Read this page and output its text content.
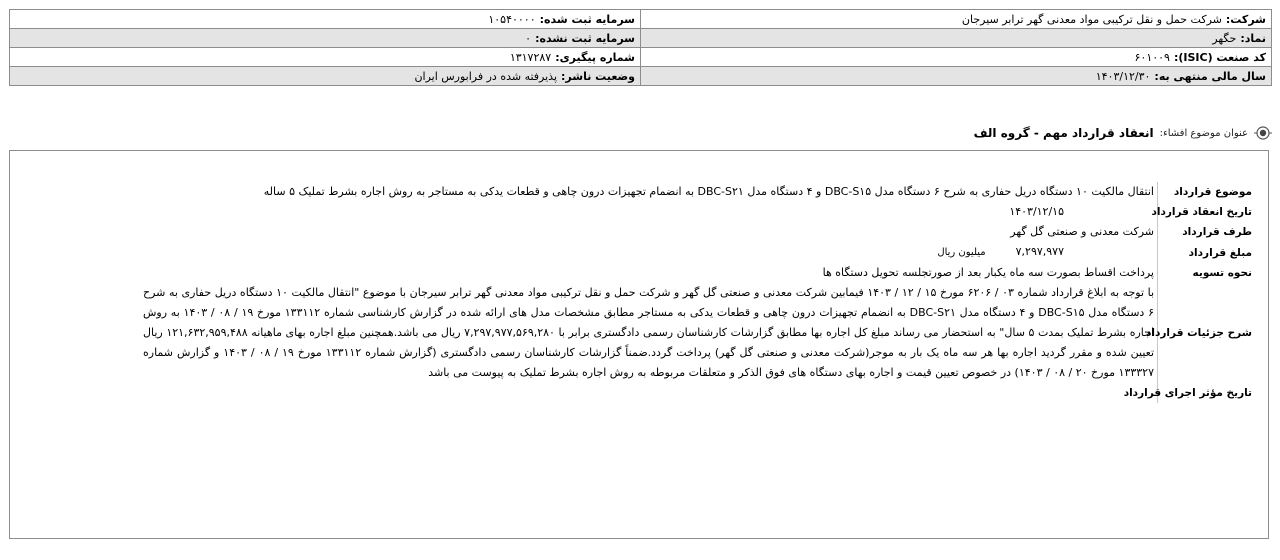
شرکت:شرکت حمل و نقل ترکیبی مواد معدنی گهر ترابر سیرجان	سرمایه ثبت شده:۱۰۵۴۰۰۰۰
نماد:حگهر	سرمایه ثبت نشده:۰
کد صنعت (ISIC):۶۰۱۰۰۹	شماره پیگیری:۱۳۱۷۲۸۷
سال مالی منتهی به:۱۴۰۳/۱۲/۳۰	وضعیت ناشر:پذیرفته شده در فرابورس ایران
عنوان موضوع افشاء:
انعقاد قرارداد مهم - گروه الف
موضوع قرارداد
انتقال مالکیت ۱۰ دستگاه دریل حفاری به شرح ۶ دستگاه مدل DBC-S۱۵ و ۴ دستگاه مدل DBC-S۲۱ به انضمام تجهیزات درون چاهی و قطعات یدکی به مستاجر به روش اجاره بشرط تملیک ۵ ساله
تاریخ انعقاد قرارداد
۱۴۰۳/۱۲/۱۵
طرف قرارداد
شرکت معدنی و صنعتی گل گهر
مبلغ قرارداد
۷,۲۹۷,۹۷۷میلیون ریال
نحوه تسویه
پرداخت اقساط بصورت سه ماه یکبار بعد از صورتجلسه تحویل دستگاه ها
شرح جزئیات قرارداد
با توجه به ابلاغ قرارداد شماره ۰۳ / ۶۲۰۶ مورخ ۱۵ / ۱۲ / ۱۴۰۳ فیمابین شرکت معدنی و صنعتی گل گهر و شرکت حمل و نقل ترکیبی مواد معدنی گهر ترابر سیرجان با موضوع "انتقال مالکیت ۱۰ دستگاه دریل حفاری به شرح ۶ دستگاه مدل DBC-S۱۵ و ۴ دستگاه مدل DBC-S۲۱ به انضمام تجهیزات درون چاهی و قطعات یدکی به مستاجر مطابق مشخصات مدل های ارائه شده در گزارش کارشناسی شماره ۱۳۳۱۱۲ مورخ ۱۹ / ۰۸ / ۱۴۰۳ به روش اجاره بشرط تملیک بمدت ۵ سال" به استحضار می رساند مبلغ کل اجاره بها مطابق گزارشات کارشناسان رسمی دادگستری برابر با ۷,۲۹۷,۹۷۷,۵۶۹,۲۸۰ ریال می باشد.همچنین مبلغ اجاره بهای ماهیانه ۱۲۱,۶۳۲,۹۵۹,۴۸۸ ریال تعیین شده و مقرر گردید اجاره بها هر سه ماه یک بار به موجر(شرکت معدنی و صنعتی گل گهر) پرداخت گردد.ضمناً گزارشات کارشناسان رسمی دادگستری (گزارش شماره ۱۳۳۱۱۲ مورخ ۱۹ / ۰۸ / ۱۴۰۳ و گزارش شماره ۱۳۳۳۲۷ مورخ ۲۰ / ۰۸ / ۱۴۰۳) در خصوص تعیین قیمت و اجاره بهای دستگاه های فوق الذکر و متعلقات مربوطه به روش اجاره بشرط تملیک به پیوست می باشد
تاریخ مؤثر اجرای قرارداد
